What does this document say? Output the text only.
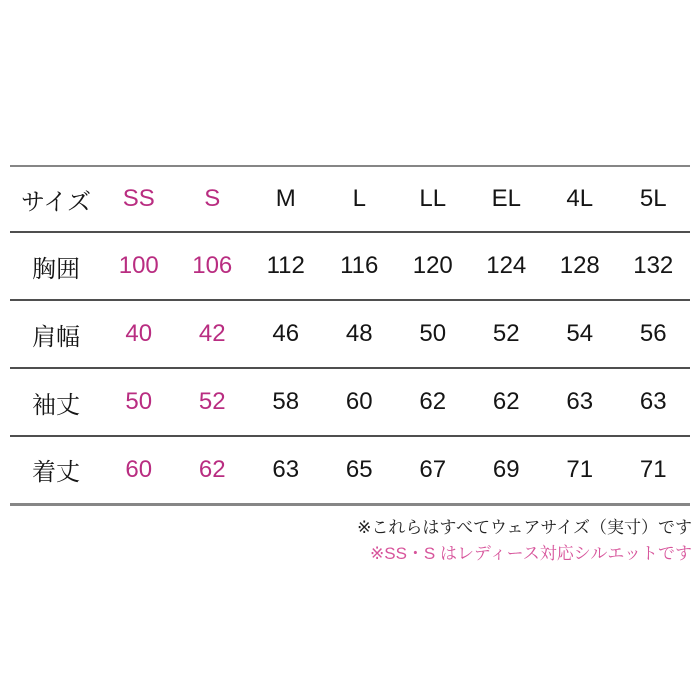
サイズ	SS	S	M	L	LL	EL	4L	5L
胸囲	100	106	112	116	120	124	128	132
肩幅	40	42	46	48	50	52	54	56
袖丈	50	52	58	60	62	62	63	63
着丈	60	62	63	65	67	69	71	71
※これらはすべてウェアサイズ（実寸）です
※SS・S はレディース対応シルエットです
